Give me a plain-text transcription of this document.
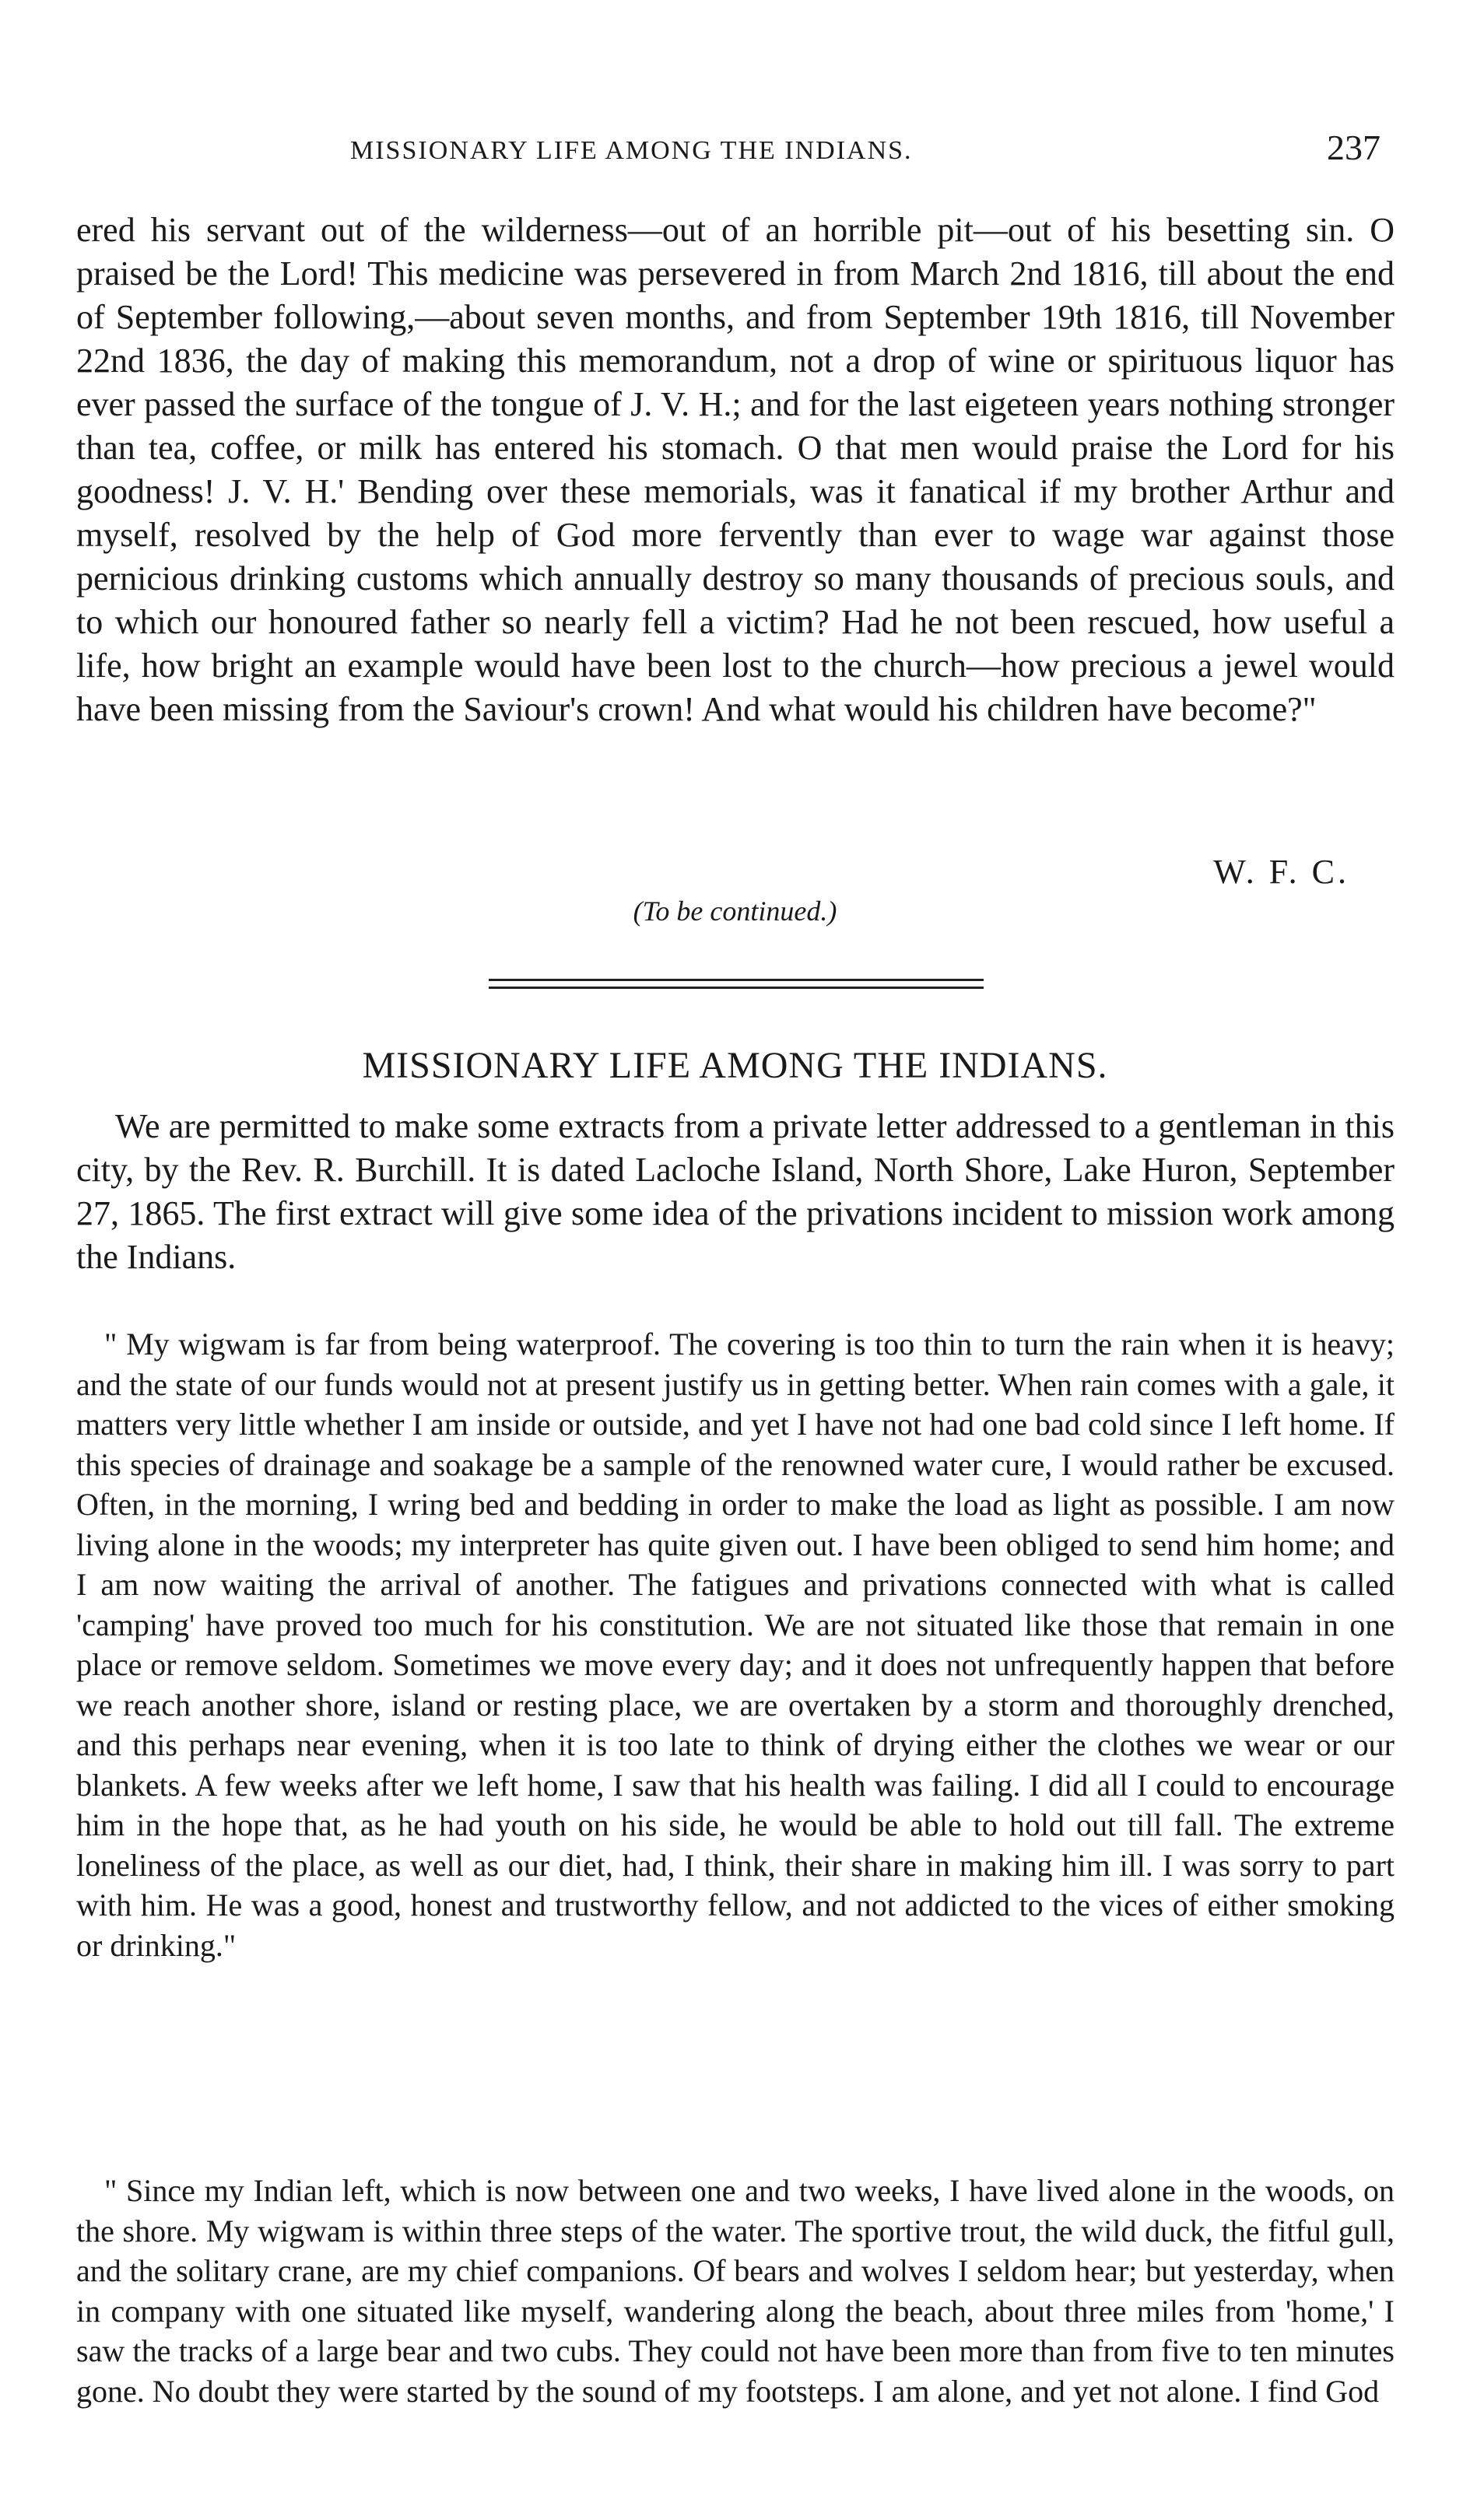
MISSIONARY LIFE AMONG THE INDIANS.	237

ered his servant out of the wilderness—out of an horrible pit—out of his besetting sin. O praised be the Lord! This medicine was persevered in from March 2nd 1816, till about the end of September following,—about seven months, and from September 19th 1816, till November 22nd 1836, the day of making this memorandum, not a drop of wine or spirituous liquor has ever passed the surface of the tongue of J. V. H.; and for the last eigeteen years nothing stronger than tea, coffee, or milk has entered his stomach. O that men would praise the Lord for his goodness! J. V. H.' Bending over these memorials, was it fanatical if my brother Arthur and myself, resolved by the help of God more fervently than ever to wage war against those pernicious drinking customs which annually destroy so many thousands of precious souls, and to which our honoured father so nearly fell a victim? Had he not been rescued, how useful a life, how bright an example would have been lost to the church—how precious a jewel would have been missing from the Saviour's crown! And what would his children have become?"

W. F. C.
(To be continued.)
MISSIONARY LIFE AMONG THE INDIANS.

We are permitted to make some extracts from a private letter addressed to a gentleman in this city, by the Rev. R. Burchill. It is dated Lacloche Island, North Shore, Lake Huron, September 27, 1865. The first extract will give some idea of the privations incident to mission work among the Indians.

" My wigwam is far from being waterproof. The covering is too thin to turn the rain when it is heavy; and the state of our funds would not at present justify us in getting better. When rain comes with a gale, it matters very little whether I am inside or outside, and yet I have not had one bad cold since I left home. If this species of drainage and soakage be a sample of the renowned water cure, I would rather be excused. Often, in the morning, I wring bed and bedding in order to make the load as light as possible. I am now living alone in the woods; my interpreter has quite given out. I have been obliged to send him home; and I am now waiting the arrival of another. The fatigues and privations connected with what is called 'camping' have proved too much for his constitution. We are not situated like those that remain in one place or remove seldom. Sometimes we move every day; and it does not unfrequently happen that before we reach another shore, island or resting place, we are overtaken by a storm and thoroughly drenched, and this perhaps near evening, when it is too late to think of drying either the clothes we wear or our blankets. A few weeks after we left home, I saw that his health was failing. I did all I could to encourage him in the hope that, as he had youth on his side, he would be able to hold out till fall. The extreme loneliness of the place, as well as our diet, had, I think, their share in making him ill. I was sorry to part with him. He was a good, honest and trustworthy fellow, and not addicted to the vices of either smoking or drinking."

" Since my Indian left, which is now between one and two weeks, I have lived alone in the woods, on the shore. My wigwam is within three steps of the water. The sportive trout, the wild duck, the fitful gull, and the solitary crane, are my chief companions. Of bears and wolves I seldom hear; but yesterday, when in company with one situated like myself, wandering along the beach, about three miles from 'home,' I saw the tracks of a large bear and two cubs. They could not have been more than from five to ten minutes gone. No doubt they were started by the sound of my footsteps. I am alone, and yet not alone. I find God
